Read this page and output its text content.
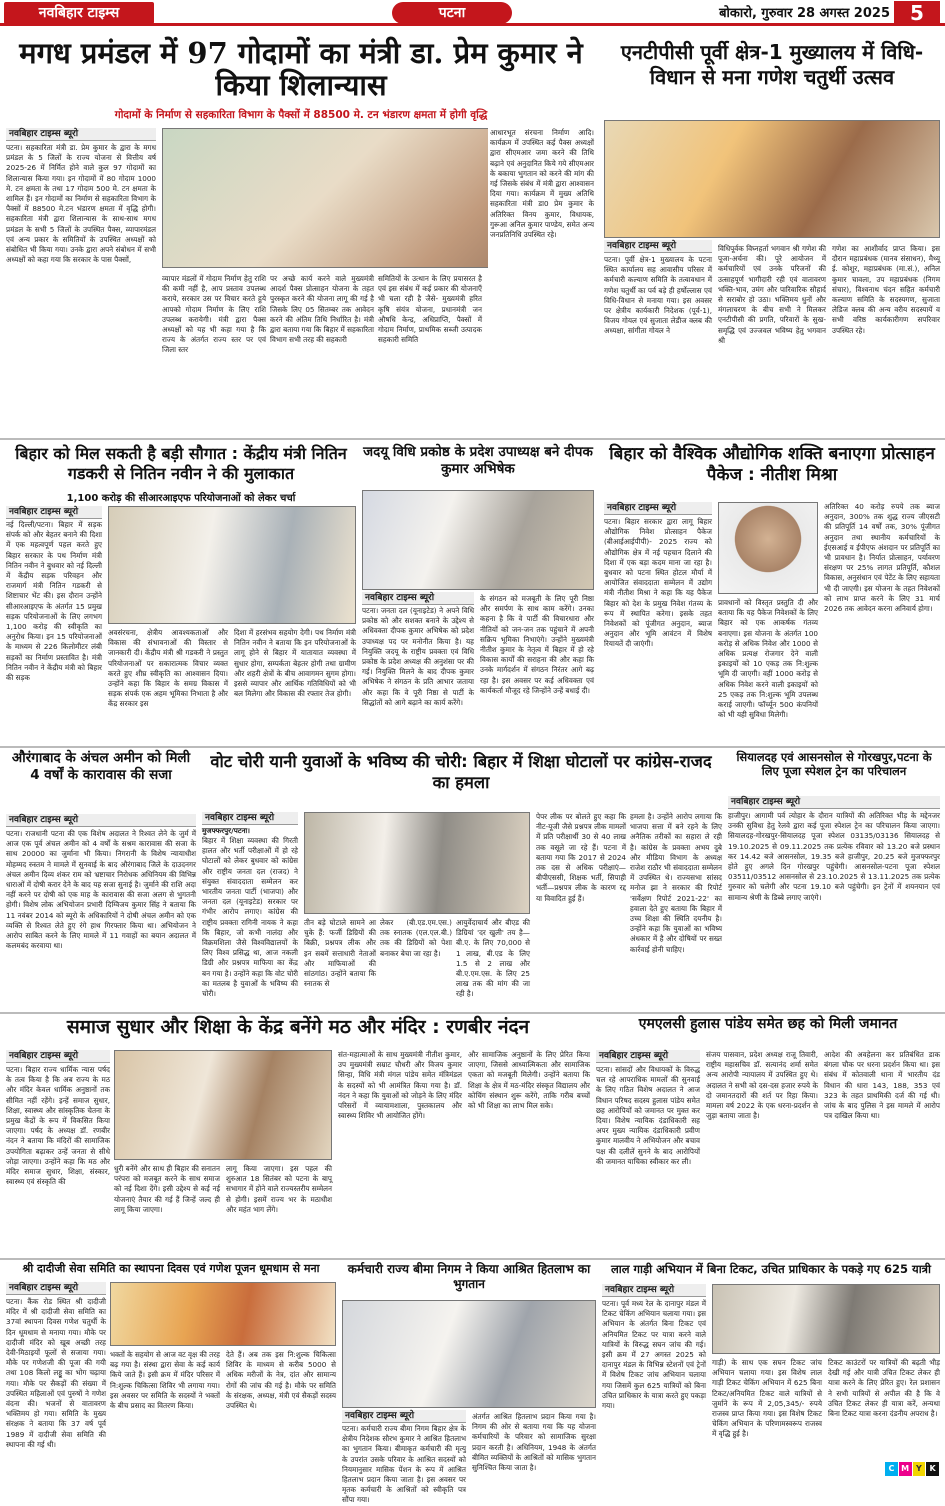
नवबिहार टाइम्स	पटना	बोकारो, गुरुवार 28 अगस्त 2025	5
मगध प्रमंडल में 97 गोदामों का मंत्री डा. प्रेम कुमार ने किया शिलान्यास
गोदामों के निर्माण से सहकारिता विभाग के पैक्सों में 88500 मे. टन भंडारण क्षमता में होगी वृद्धि
नवबिहार टाइम्स ब्यूरो
पटना। सहकारिता मंत्री डा. प्रेम कुमार के द्वारा के मगध प्रमंडल के 5 जिलों के राज्य योजना से वित्तीय वर्ष 2025-26 में निर्मित होने वाले कुल 97 गोदामों का शिलान्यास किया गया। इन गोदामों में 80 गोदाम 1000 मे. टन क्षमता के तथा 17 गोदाम 500 मे. टन क्षमता के शामिल हैं। इन गोदामों का निर्माण से सहकारिता विभाग के पैक्सों में 88500 मे.टन भंडारण क्षमता में वृद्धि होगी। सहकारिता मंत्री द्वारा शिलान्यास के साथ-साथ मगध प्रमंडल के सभी 5 जिलों के उपस्थित पैक्स, व्यापारमंडल एवं अन्य प्रकार के समितियों के उपस्थित अध्यक्षों को संबोधित भी किया गया। उनके द्वारा अपने संबोधन में सभी अध्यक्षों को कहा गया कि सरकार के पास पैक्सों,
व्यापार मंडलों में गोदाम निर्माण हेतु राशि की कमी नहीं है, आप प्रस्ताव उपलब्ध कराये, सरकार उस पर विचार करते हुये आपको गोदाम निर्माण के लिए राशि उपलब्ध करायेगी। मंत्री द्वारा पैक्स अध्यक्षों को यह भी कहा गया है कि राज्य के अंतर्गत राज्य स्तर पर एवं जिला स्तर
पर अच्छे कार्य करने वाले मुख्यमंत्री आदर्श पैक्स प्रोत्साहन योजना के तहत पुरस्कृत करने की योजना लागू की गई है जिसके लिए 05 सितम्बर तक आवेदन करने की अंतिम तिथि निर्धारित है। मंत्री द्वारा बताया गया कि बिहार में सहकारिता विभाग सभी तरह की सहकारी
समितियों के उत्थान के लिए प्रयासरत है एवं इस संबंध में कई प्रकार की योजनाएँ भी चला रही है जैसे- मुख्यमंत्री हरित कृषि संयंत्र योजना, प्रधानमंत्री जन औषधि केन्द्र, अधिप्राप्ति, पैक्सों में गोदाम निर्माण, प्राथमिक सब्जी उत्पादक सहकारी समिति
आधारभूत संरचना निर्माण आदि। कार्यक्रम में उपस्थित कई पैक्स अध्यक्षों द्वारा सीएमआर जमा करने की तिथि बढ़ाने एवं अनुदानित किये गये सीएमआर के बकाया भुगतान को करने की मांग की गई जिसके संबंध में मंत्री द्वारा आश्वासन दिया गया। कार्यक्रम में मुख्य अतिथि सहकारिता मंत्री डा0 प्रेम कुमार के अतिरिक्त विनय कुमार, विधायक, गुरूआ अनिल कुमार पाण्डेय, समेत अन्य जनप्रतिनिधि उपस्थित रहे।
एनटीपीसी पूर्वी क्षेत्र-1 मुख्यालय में विधि-विधान से मना गणेश चतुर्थी उत्सव
नवबिहार टाइम्स ब्यूरो
पटना। पूर्वी क्षेत्र-1 मुख्यालय के पटना स्थित कार्यालय सह आवासीय परिसर में कर्मचारी कल्याण समिति के तत्वावधान में गणेश चतुर्थी का पर्व बड़े ही हर्षोल्लास एवं विधि-विधान से मनाया गया। इस अवसर पर क्षेत्रीय कार्यकारी निदेशक (पूर्व-1), विजय गोयल एवं सुजाता लेडीज क्लब की अध्यक्षा, सांगीता गोयल ने
विधिपूर्वक विघ्नहर्ता भगवान श्री गणेश की पूजा-अर्चना की। पूरे आयोजन में कर्मचारियों एवं उनके परिजनों की उत्साहपूर्ण भागीदारी रही एवं वातावरण भक्ति-भाव, उमंग और पारिवारिक सौहार्द से सराबोर हो उठा। भक्तिमय धुनों और मंगलाचरण के बीच सभी ने मिलकर एनटीपीसी की प्रगति, परिवारों के सुख-समृद्धि एवं उज्जवल भविष्य हेतु भगवान श्री
गणेश का आशीर्वाद प्राप्त किया। इस दौरान महाप्रबंधक (मानव संसाधन), मैथ्यू ई. कोशुर, महाप्रबंधक (मा.सं.), अनिल कुमार चावला, उप महाप्रबंधक (निगम संचार), विश्वनाथ चंदन सहित कर्मचारी कल्याण समिति के सदस्यगण, सुजाता लेडिज क्लब की अन्य वरीय सदस्यायें व सभी वरिष्ठ कार्यकारीगण सपरिवार उपस्थित रहे।
बिहार को मिल सकती है बड़ी सौगात : केंद्रीय मंत्री नितिन गडकरी से नितिन नवीन ने की मुलाकात
1,100 करोड़ की सीआरआइएफ परियोजनाओं को लेकर चर्चा
नवबिहार टाइम्स ब्यूरो
नई दिल्ली/पटना। बिहार में सड़क संपर्क को और बेहतर बनाने की दिशा में एक महत्वपूर्ण पहल करते हुए बिहार सरकार के पथ निर्माण मंत्री नितिन नवीन ने बुधवार को नई दिल्ली में केंद्रीय सड़क परिवहन और राजमार्ग मंत्री नितिन गडकरी से शिष्टाचार भेंट की। इस दौरान उन्होंने सीआरआइएफ के अंतर्गत 15 प्रमुख सड़क परियोजनाओं के लिए लगभग 1,100 करोड़ की स्वीकृति का अनुरोध किया। इन 15 परियोजनाओं के माध्यम से 226 किलोमीटर लंबी सड़कों का निर्माण प्रस्तावित है। मंत्री नितिन नवीन ने केंद्रीय मंत्री को बिहार की सड़क
अवसंरचना, क्षेत्रीय आवश्यकताओं और विकास की संभावनाओं की विस्तार से जानकारी दी। केंद्रीय मंत्री श्री गडकरी ने प्रस्तुत परियोजनाओं पर सकारात्मक विचार व्यक्त करते हुए शीघ्र स्वीकृति का आश्वासन दिया। उन्होंने कहा कि बिहार के समग्र विकास में सड़क संपर्क एक अहम भूमिका निभाता है और केंद्र सरकार इस
दिशा में हरसंभव सहयोग देगी। पथ निर्माण मंत्री नितिन नवीन ने बताया कि इन परियोजनाओं के लागू होने से बिहार में यातायात व्यवस्था में सुधार होगा, सम्पर्कता बेहतर होगी तथा ग्रामीण और शहरी क्षेत्रों के बीच आवागमन सुगम होगा। इससे व्यापार और आर्थिक गतिविधियों को भी बल मिलेगा और विकास की रफ्तार तेज होगी।
जदयू विधि प्रकोष्ठ के प्रदेश उपाध्यक्ष बने दीपक कुमार अभिषेक
नवबिहार टाइम्स ब्यूरो
पटना। जनता दल (यूनाइटेड) ने अपने विधि प्रकोष्ठ को और सशक्त बनाने के उद्देश्य से अधिवक्ता दीपक कुमार अभिषेक को प्रदेश उपाध्यक्ष पद पर मनोनीत किया है। यह नियुक्ति जदयू के राष्ट्रीय प्रवक्ता एवं विधि प्रकोष्ठ के प्रदेश अध्यक्ष की अनुशंसा पर की गई। नियुक्ति मिलने के बाद दीपक कुमार अभिषेक ने संगठन के प्रति आभार जताया और कहा कि वे पूरी निष्ठा से पार्टी के सिद्धांतों को आगे बढ़ाने का कार्य करेंगे।
के संगठन को मजबूती के लिए पूरी निष्ठा और समर्पण के साथ काम करेंगे। उनका कहना है कि वे पार्टी की विचारधारा और नीतियों को जन-जन तक पहुंचाने में अपनी सक्रिय भूमिका निभाएंगे। उन्होंने मुख्यमंत्री नीतीश कुमार के नेतृत्व में बिहार में हो रहे विकास कार्यों की सराहना की और कहा कि उनके मार्गदर्शन में संगठन निरंतर आगे बढ़ रहा है। इस अवसर पर कई अधिवक्ता एवं कार्यकर्ता मौजूद रहे जिन्होंने उन्हें बधाई दी।
बिहार को वैश्विक औद्योगिक शक्ति बनाएगा प्रोत्साहन पैकेज : नीतीश मिश्रा
नवबिहार टाइम्स ब्यूरो
पटना। बिहार सरकार द्वारा लागू बिहार औद्योगिक निवेश प्रोत्साहन पैकेज (बीआईआईपीपी)- 2025 राज्य को औद्योगिक क्षेत्र में नई पहचान दिलाने की दिशा में एक बड़ा कदम माना जा रहा है। बुधवार को पटना स्थित होटल मौर्या में आयोजित संवाददाता सम्मेलन में उद्योग मंत्री नीतीश मिश्रा ने कहा कि यह पैकेज बिहार को देश के प्रमुख निवेश गंतव्य के रूप में स्थापित करेगा। इसके तहत निवेशकों को पूंजीगत अनुदान, ब्याज अनुदान और भूमि आवंटन में विशेष रियायतें दी जाएंगी।
प्रावधानों को विस्तृत प्रस्तुति दी और बताया कि यह पैकेज निवेशकों के लिए बिहार को एक आकर्षक गंतव्य बनाएगा। इस योजना के अंतर्गत 100 करोड़ से अधिक निवेश और 1000 से अधिक प्रत्यक्ष रोजगार देने वाली इकाइयों को 10 एकड़ तक नि:शुल्क भूमि दी जाएगी। वहीं 1000 करोड़ से अधिक निवेश करने वाली इकाइयों को 25 एकड़ तक नि:शुल्क भूमि उपलब्ध कराई जाएगी। फॉर्च्यून 500 कंपनियों को भी यही सुविधा मिलेगी।
अतिरिक्त 40 करोड़ रुपये तक ब्याज अनुदान, 300% तक शुद्ध राज्य जीएसटी की प्रतिपूर्ति 14 वर्षों तक, 30% पूंजीगत अनुदान तथा स्थानीय कर्मचारियों के ईएसआई व ईपीएफ अंशदान पर प्रतिपूर्ति का भी प्रावधान है। निर्यात प्रोत्साहन, पर्यावरण संरक्षण पर 25% लागत प्रतिपूर्ति, कौशल विकास, अनुसंधान एवं पेटेंट के लिए सहायता भी दी जाएगी। इस योजना के तहत निवेशकों को लाभ प्राप्त करने के लिए 31 मार्च 2026 तक आवेदन करना अनिवार्य होगा।
औरंगाबाद के अंचल अमीन को मिली 4 वर्षों के कारावास की सजा
नवबिहार टाइम्स ब्यूरो
पटना। राजधानी पटना की एक विशेष अदालत ने रिश्वत लेने के जुर्म में आज एक पूर्व अंचल अमीन को 4 वर्षों के सश्रम कारावास की सजा के साथ 20000 का जुर्माना भी किया। निगरानी के विशेष न्यायाधीश मोहम्मद रुस्तम ने मामले में सुनवाई के बाद औरंगाबाद जिले के दाउदनगर अंचल अमीन दिव्य शंकर राम को भ्रष्टाचार निरोधक अधिनियम की विभिन्न धाराओं में दोषी करार देने के बाद यह सजा सुनाई है। जुर्माने की राशि अदा नहीं करने पर दोषी को एक माह के कारावास की सजा अलग से भुगतनी होगी। विशेष लोक अभियोजन प्रभारी दिग्विजय कुमार सिंह ने बताया कि 11 नवंबर 2014 को ब्यूरो के अधिकारियों ने दोषी अंचल अमीन को एक व्यक्ति से रिश्वत लेते हुए रंगे हाथ गिरफ्तार किया था। अभियोजन ने आरोप साबित करने के लिए मामले में 11 गवाहों का बयान अदालत में कलमबंद करवाया था।
वोट चोरी यानी युवाओं के भविष्य की चोरी: बिहार में शिक्षा घोटालों पर कांग्रेस-राजद का हमला
नवबिहार टाइम्स ब्यूरो
मुजफ्फरपुर/पटना।
बिहार में शिक्षा व्यवस्था की गिरती हालत और भर्ती परीक्षाओं में हो रहे घोटालों को लेकर बुधवार को कांग्रेस और राष्ट्रीय जनता दल (राजद) ने संयुक्त संवाददाता सम्मेलन कर भारतीय जनता पार्टी (भाजपा) और जनता दल (यूनाइटेड) सरकार पर गंभीर आरोप लगाए। कांग्रेस की राष्ट्रीय प्रवक्ता रागिनी नायक ने कहा कि बिहार, जो कभी नालंदा और विक्रमशिला जैसे विश्वविद्यालयों के लिए विश्व प्रसिद्ध था, आज नकली डिग्री और प्रश्नपत्र माफिया का केंद्र बन गया है। उन्होंने कहा कि वोट चोरी का मतलब है युवाओं के भविष्य की चोरी।
तीन बड़े घोटाले सामने आ चुके हैं: फर्जी डिग्रियों की बिक्री, प्रश्नपत्र लीक और इन सबमें सत्ताधारी नेताओं और माफियाओं की सांठगांठ। उन्होंने बताया कि स्नातक से
लेकर (बी.एड.एम.एस.) तक स्नातक (एल.एल.बी.) तक की डिग्रियों को पेशा बनाकर बेचा जा रहा है।
आयुर्वेदाचार्य और बीएड की डिग्रियां 'दर खुली' तय है— बी.ए. के लिए 70,000 से 1 लाख, बी.एड के लिए 1.5 से 2 लाख और बी.ए.एम.एस. के लिए 25 लाख तक की मांग की जा रही है।
पेपर लीक पर बोलते हुए कहा कि नीट-यूजी जैसे प्रश्नपत्र लीक मामलों में प्रति परीक्षार्थी 30 से 40 लाख तक वसूले जा रहे हैं। पटना में बताया गया कि 2017 से 2024 तक दस से अधिक परीक्षाएं—बीपीएससी, शिक्षक भर्ती, सिपाही भर्ती—प्रश्नपत्र लीक के कारण रद्द या विवादित हुई हैं।
हमला है। उन्होंने आरोप लगाया कि भाजपा सत्ता में बने रहने के लिए अनैतिक तरीकों का सहारा ले रही है। कांग्रेस के प्रवक्ता अभय दुबे और मीडिया विभाग के अध्यक्ष राजेश राठौर भी संवाददाता सम्मेलन में उपस्थित थे। राज्यसभा सांसद मनोज झा ने सरकार की रिपोर्ट 'सर्वेक्षण रिपोर्ट 2021-22' का हवाला देते हुए बताया कि बिहार में उच्च शिक्षा की स्थिति दयनीय है। उन्होंने कहा कि युवाओं का भविष्य अंधकार में है और दोषियों पर सख्त कार्रवाई होनी चाहिए।
सियालदह एवं आसनसोल से गोरखपुर,पटना के लिए पूजा स्पेशल ट्रेन का परिचालन
नवबिहार टाइम्स ब्यूरो
हाजीपुर। आगामी पर्व त्योहार के दौरान यात्रियों की अतिरिक्त भीड़ के मद्देनजर उनकी सुविधा हेतु रेलवे द्वारा कई पूजा स्पेशल ट्रेन का परिचालन किया जाएगा। सियालदह-गोरखपुर-सियालदह पूजा स्पेशल 03135/03136 सियालदह से 19.10.2025 से 09.11.2025 तक प्रत्येक रविवार को 13.20 बजे प्रस्थान कर 14.42 बजे आसनसोल, 19.35 बजे हाजीपुर, 20.25 बजे मुजफ्फरपुर होते हुए अगले दिन गोरखपुर पहुंचेगी। आसनसोल-पटना पूजा स्पेशल 03511/03512 आसनसोल से 23.10.2025 से 13.11.2025 तक प्रत्येक गुरुवार को चलेगी और पटना 19.10 बजे पहुंचेगी। इन ट्रेनों में शयनयान एवं सामान्य श्रेणी के डिब्बे लगाए जाएंगे।
समाज सुधार और शिक्षा के केंद्र बनेंगे मठ और मंदिर : रणबीर नंदन
नवबिहार टाइम्स ब्यूरो
पटना। बिहार राज्य धार्मिक न्यास पर्षद के तत्व किया है कि अब राज्य के मठ और मंदिर केवल धार्मिक अनुष्ठानों तक सीमित नहीं रहेंगे। इन्हें समाज सुधार, शिक्षा, स्वास्थ्य और सांस्कृतिक चेतना के प्रमुख केंद्रों के रूप में विकसित किया जाएगा। पर्षद के अध्यक्ष डॉ. रणबीर नंदन ने बताया कि मंदिरों की सामाजिक उपयोगिता बढ़ाकर उन्हें जनता से सीधे जोड़ा जाएगा। उन्होंने कहा कि मठ और मंदिर समाज सुधार, शिक्षा, संस्कार, स्वास्थ्य एवं संस्कृति की
धुरी बनेंगे और साथ ही बिहार की सनातन परंपरा को मजबूत करने के साथ समाज को नई दिशा देंगे। इसी उद्देश्य से कई नई योजनाएं तैयार की गई हैं जिन्हें जल्द ही लागू किया जाएगा।
लागू किया जाएगा। इस पहल की शुरुआत 18 सितंबर को पटना के बापू सभागार में होने वाले राज्यस्तरीय सम्मेलन से होगी। इसमें राज्य भर के मठाधीश और महंत भाग लेंगे।
संत-महात्माओं के साथ मुख्यमंत्री नीतीश कुमार, उप मुख्यमंत्री सम्राट चौधरी और विजय कुमार सिन्हा, विधि मंत्री मंगल पांडेय समेत मंत्रिमंडल के सदस्यों को भी आमंत्रित किया गया है। डॉ. नंदन ने कहा कि युवाओं को जोड़ने के लिए मंदिर परिसरों में व्यायामशाला, पुस्तकालय और स्वास्थ्य शिविर भी आयोजित होंगे।
और सामाजिक अनुष्ठानों के लिए प्रेरित किया जाएगा, जिससे आध्यात्मिकता और सामाजिक एकता को मजबूती मिलेगी। उन्होंने बताया कि शिक्षा के क्षेत्र में मठ-मंदिर संस्कृत विद्यालय और कोचिंग संस्थान शुरू करेंगे, ताकि गरीब बच्चों को भी शिक्षा का लाभ मिल सके।
एमएलसी हुलास पांडेय समेत छह को मिली जमानत
नवबिहार टाइम्स ब्यूरो
पटना। सांसदों और विधायकों के विरुद्ध चल रहे आपराधिक मामलों की सुनवाई के लिए गठित विशेष अदालत ने आज विधान परिषद सदस्य हुलास पांडेय समेत छह आरोपियों को जमानत पर मुक्त कर दिया। विशेष न्यायिक दंडाधिकारी सह अपर मुख्य न्यायिक दंडाधिकारी प्रवीण कुमार मालवीय ने अभियोजन और बचाव पक्ष की दलीलें सुनने के बाद आरोपियों की जमानत याचिका स्वीकार कर ली।
संजय पासवान, प्रदेश अध्यक्ष राजू तिवारी, राष्ट्रीय महासचिव डॉ. सत्यानंद शर्मा समेत अन्य आरोपी न्यायालय में उपस्थित हुए थे। अदालत ने सभी को दस-दस हजार रुपये के दो जमानतदारों की शर्त पर रिहा किया। मामला वर्ष 2022 के एक धरना-प्रदर्शन से जुड़ा बताया जाता है।
आदेश की अवहेलना कर प्रतिबंधित डाक बंगला चौक पर धरना प्रदर्शन किया था। इस संबंध में कोतवाली थाना में भारतीय दंड विधान की धारा 143, 188, 353 एवं 323 के तहत प्राथमिकी दर्ज की गई थी। जांच के बाद पुलिस ने इस मामले में आरोप पत्र दाखिल किया था।
श्री दादीजी सेवा समिति का स्थापना दिवस एवं गणेश पूजन धूमधाम से मना
नवबिहार टाइम्स ब्यूरो
पटना। कैंक रोड स्थित श्री दादीजी मंदिर में श्री दादीजी सेवा समिति का 37वां स्थापना दिवस गणेश चतुर्थी के दिन धूमधाम से मनाया गया। मौके पर दादीजी मंदिर को खूब अच्छी तरह देवी-मिठाइयों फूलों से सजाया गया। मौके पर गणेशजी की पूजा की गयी तथा 108 किलो लड्डू का भोग चढ़ाया गया। मौके पर सैकड़ों की संख्या में उपस्थित महिलाओं एवं पुरुषों ने गणेश वंदना की। भजनों से वातावरण भक्तिमय हो गया। समिति के मुख्य संरक्षक ने बताया कि 37 वर्ष पूर्व 1989 में दादीजी सेवा समिति की स्थापना की गई थी।
भक्तों के सहयोग से आज वट वृक्ष की तरह बढ़ गया है। संस्था द्वारा सेवा के कई कार्य किये जाते हैं। इसी क्रम में मंदिर परिसर में नि:शुल्क चिकित्सा शिविर भी लगाया गया। इस अवसर पर समिति के सदस्यों ने भक्तों के बीच प्रसाद का वितरण किया।
देते हैं। अब तक इस नि:शुल्क चिकित्सा शिविर के माध्यम से करीब 5000 से अधिक मरीजों के नेत्र, दांत और सामान्य रोगों की जांच की गई है। मौके पर समिति के संरक्षक, अध्यक्ष, मंत्री एवं सैकड़ों सदस्य उपस्थित थे।
कर्मचारी राज्य बीमा निगम ने किया आश्रित हितलाभ का भुगतान
नवबिहार टाइम्स ब्यूरो
पटना। कर्मचारी राज्य बीमा निगम बिहार क्षेत्र के क्षेत्रीय निदेशक सौरभ कुमार ने आश्रित हितलाभ का भुगतान किया। बीमाकृत कर्मचारी की मृत्यु के उपरांत उसके परिवार के आश्रित सदस्यों को नियमानुसार मासिक पेंशन के रूप में आश्रित हितलाभ प्रदान किया जाता है। इस अवसर पर मृतक कर्मचारी के आश्रितों को स्वीकृति पत्र सौंपा गया।
अंतर्गत आश्रित हितलाभ प्रदान किया गया है। निगम की ओर से बताया गया कि यह योजना कर्मचारियों के परिवार को सामाजिक सुरक्षा प्रदान करती है। अधिनियम, 1948 के अंतर्गत बीमित व्यक्तियों के आश्रितों को मासिक भुगतान सुनिश्चित किया जाता है।
लाल गाड़ी अभियान में बिना टिकट, उचित प्राधिकार के पकड़े गए 625 यात्री
नवबिहार टाइम्स ब्यूरो
पटना। पूर्व मध्य रेल के दानापुर मंडल में टिकट चेकिंग अभियान चलाया गया। इस अभियान के अंतर्गत बिना टिकट एवं अनियमित टिकट पर यात्रा करने वाले यात्रियों के विरुद्ध सघन जांच की गई। इसी क्रम में 27 अगस्त 2025 को दानापुर मंडल के विभिन्न स्टेशनों एवं ट्रेनों में विशेष टिकट जांच अभियान चलाया गया जिसमें कुल 625 यात्रियों को बिना उचित प्राधिकार के यात्रा करते हुए पकड़ा गया।
गाड़ी) के साथ एक सघन टिकट जांच अभियान चलाया गया। इस विशेष लाल गाड़ी टिकट चेकिंग अभियान में 625 बिना टिकट/अनियमित टिकट वाले यात्रियों से जुर्माने के रूप में 2,05,345/- रुपये राजस्व प्राप्त किया गया। इस विशेष टिकट चेकिंग अभियान के परिणामस्वरूप राजस्व में वृद्धि हुई है।
टिकट काउंटरों पर यात्रियों की बढ़ती भीड़ देखी गई और यात्री उचित टिकट लेकर ही यात्रा करने के लिए प्रेरित हुए। रेल प्रशासन ने सभी यात्रियों से अपील की है कि वे उचित टिकट लेकर ही यात्रा करें, अन्यथा बिना टिकट यात्रा करना दंडनीय अपराध है।
C M Y K
